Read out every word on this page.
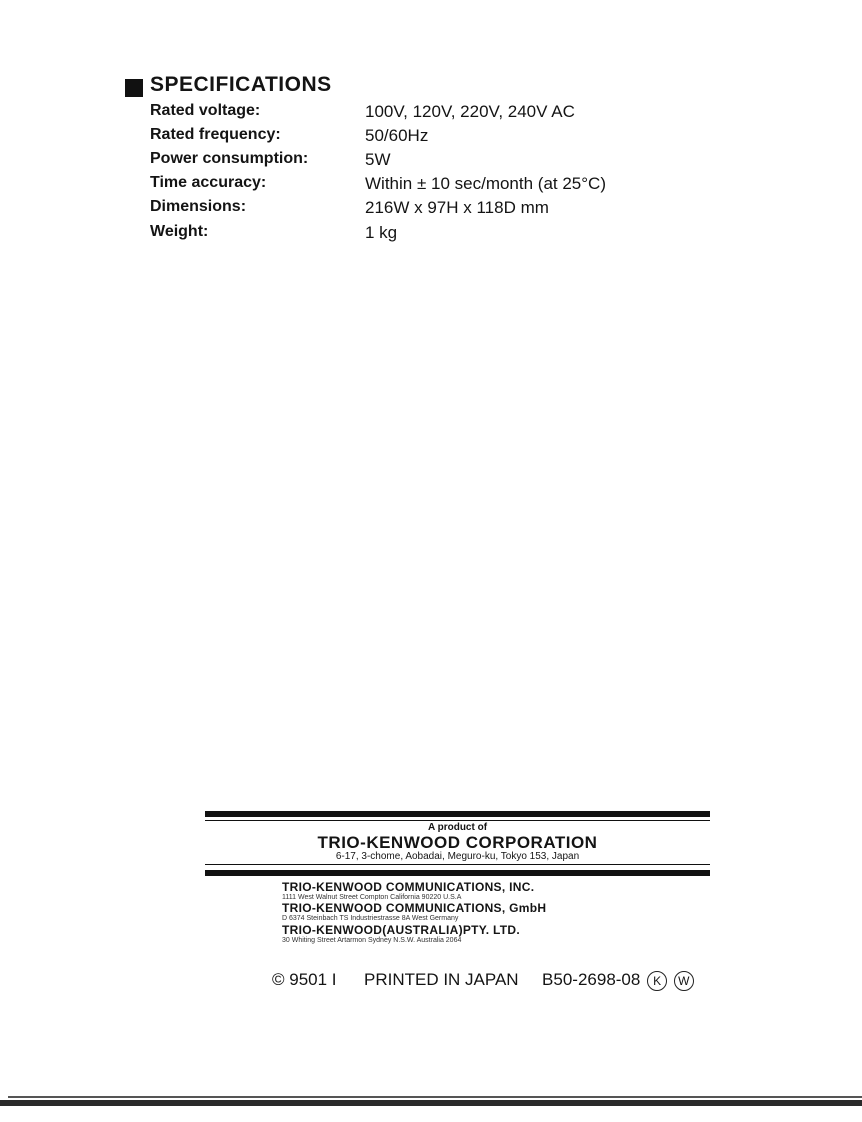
SPECIFICATIONS
Rated voltage:	100V, 120V, 220V, 240V AC
Rated frequency:	50/60Hz
Power consumption:	5W
Time accuracy:	Within ± 10 sec/month (at 25°C)
Dimensions:	216W x 97H x 118D mm
Weight:	1 kg
A product of
TRIO-KENWOOD CORPORATION
6-17, 3-chome, Aobadai, Meguro-ku, Tokyo 153, Japan
TRIO-KENWOOD COMMUNICATIONS, INC.
1111 West Walnut Street Compton California 90220 U.S.A
TRIO-KENWOOD COMMUNICATIONS, GmbH
D 6374 Steinbach TS Industriestrasse 8A West Germany
TRIO-KENWOOD(AUSTRALIA)PTY. LTD.
30 Whiting Street Artarmon Sydney N.S.W. Australia 2064
© 9501 I PRINTED IN JAPAN B50-2698-08 K W
